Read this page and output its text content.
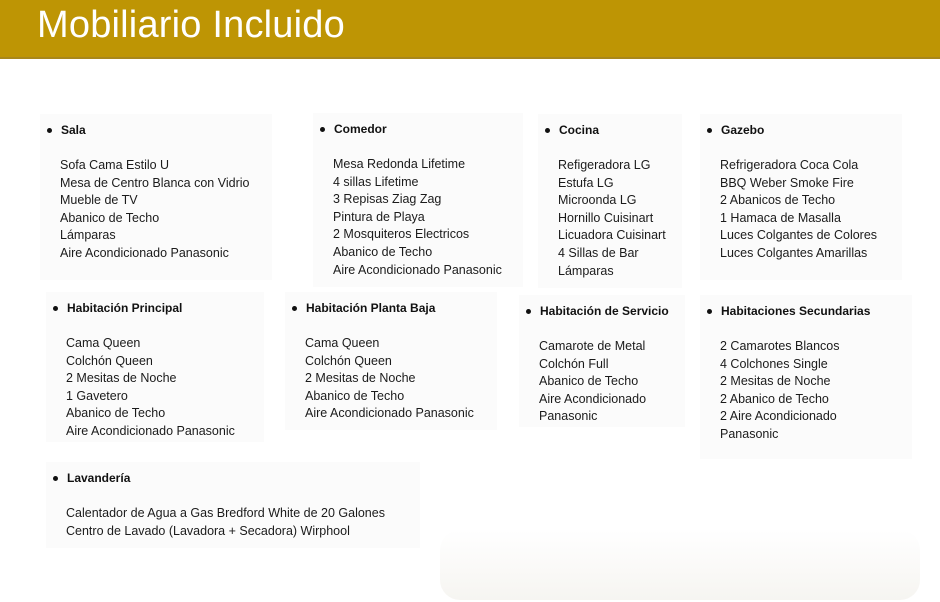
Mobiliario Incluido
Sala
Sofa Cama Estilo U
Mesa de Centro Blanca con Vidrio
Mueble de TV
Abanico de Techo
Lámparas
Aire Acondicionado Panasonic
Comedor
Mesa Redonda Lifetime
4 sillas Lifetime
3 Repisas Ziag Zag
Pintura de Playa
2 Mosquiteros Electricos
Abanico de Techo
Aire Acondicionado Panasonic
Cocina
Refigeradora LG
Estufa LG
Microonda LG
Hornillo Cuisinart
Licuadora Cuisinart
4 Sillas de Bar
Lámparas
Gazebo
Refrigeradora Coca Cola
BBQ Weber Smoke Fire
2 Abanicos de Techo
1 Hamaca de Masalla
Luces Colgantes de Colores
Luces Colgantes Amarillas
Habitación Principal
Cama Queen
Colchón Queen
2 Mesitas de Noche
1 Gavetero
Abanico de Techo
Aire Acondicionado Panasonic
Habitación Planta Baja
Cama Queen
Colchón Queen
2 Mesitas de Noche
Abanico de Techo
Aire Acondicionado Panasonic
Habitación de Servicio
Camarote de Metal
Colchón Full
Abanico de Techo
Aire Acondicionado
Panasonic
Habitaciones Secundarias
2 Camarotes Blancos
4 Colchones Single
2 Mesitas de Noche
2 Abanico de Techo
2 Aire Acondicionado
Panasonic
Lavandería
Calentador de Agua a Gas Bredford White de 20 Galones
Centro de Lavado (Lavadora + Secadora) Wirphool
